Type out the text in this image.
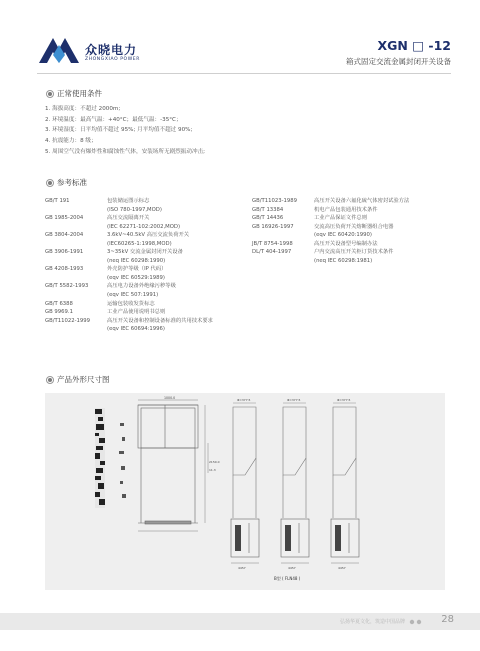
众晓电力
ZHONGXIAO POWER
XGN □ -12
箱式固定交流金属封闭开关设备
正常使用条件
1. 海拔高度：不超过 2000m;
2. 环境温度：最高气温：+40°C；最低气温：-35°C；
3. 环境湿度：日平均值不超过 95%; 月平均值不超过 90%;
4. 抗震能力：8 级；
5. 周围空气没有爆炸性和腐蚀性气体，安装场所无剧烈振动冲击;
参考标准
GB/T 191	包装储运图示标志
(ISO 780-1997,MOD)
GB 1985-2004	高压交流隔离开关
(IEC 62271-102:2002,MOD)
GB 3804-2004	3.6kV~40.5kV 高压交流负荷开关
(IEC60265-1:1998,MOD)
GB 3906-1991	3~35kV 交流金属封闭开关设备
(neq IEC 60298:1990)
GB 4208-1993	外壳防护等级（IP 代码）
(eqv IEC 60529:1989)
GB/T 5582-1993	高压电力设备外绝缘污秽等级
(eqv IEC 507:1991)
GB/T 6388	运输包装收发货标志
GB 9969.1	工业产品使用说明书总则
GB/T11022-1999	高压开关设备和控制设备标准的共用技术要求
(eqv IEC 60694:1996)
GB/T11023-1989	高压开关设备六氟化硫气体密封试验方法
GB/T 13384	机电产品包装通用技术条件
GB/T 14436	工业产品保证文件总则
GB 16926-1997	交流高压负荷开关熔断器组合电器
(eqv IEC 60420:1990)
JB/T 8754-1998	高压开关设备型号编制办法
DL/T 404-1997	户内交流高压开关柜订货技术条件
(neq IEC 60298:1981)
产品外形尺寸图
1000.0
2150.0
11.3
Φ=377.5	Φ=377.5	Φ=377.5
4457	4457	4457
B型 ( FLN48 )
弘扬华夏文化，筑造中国品牌	28
